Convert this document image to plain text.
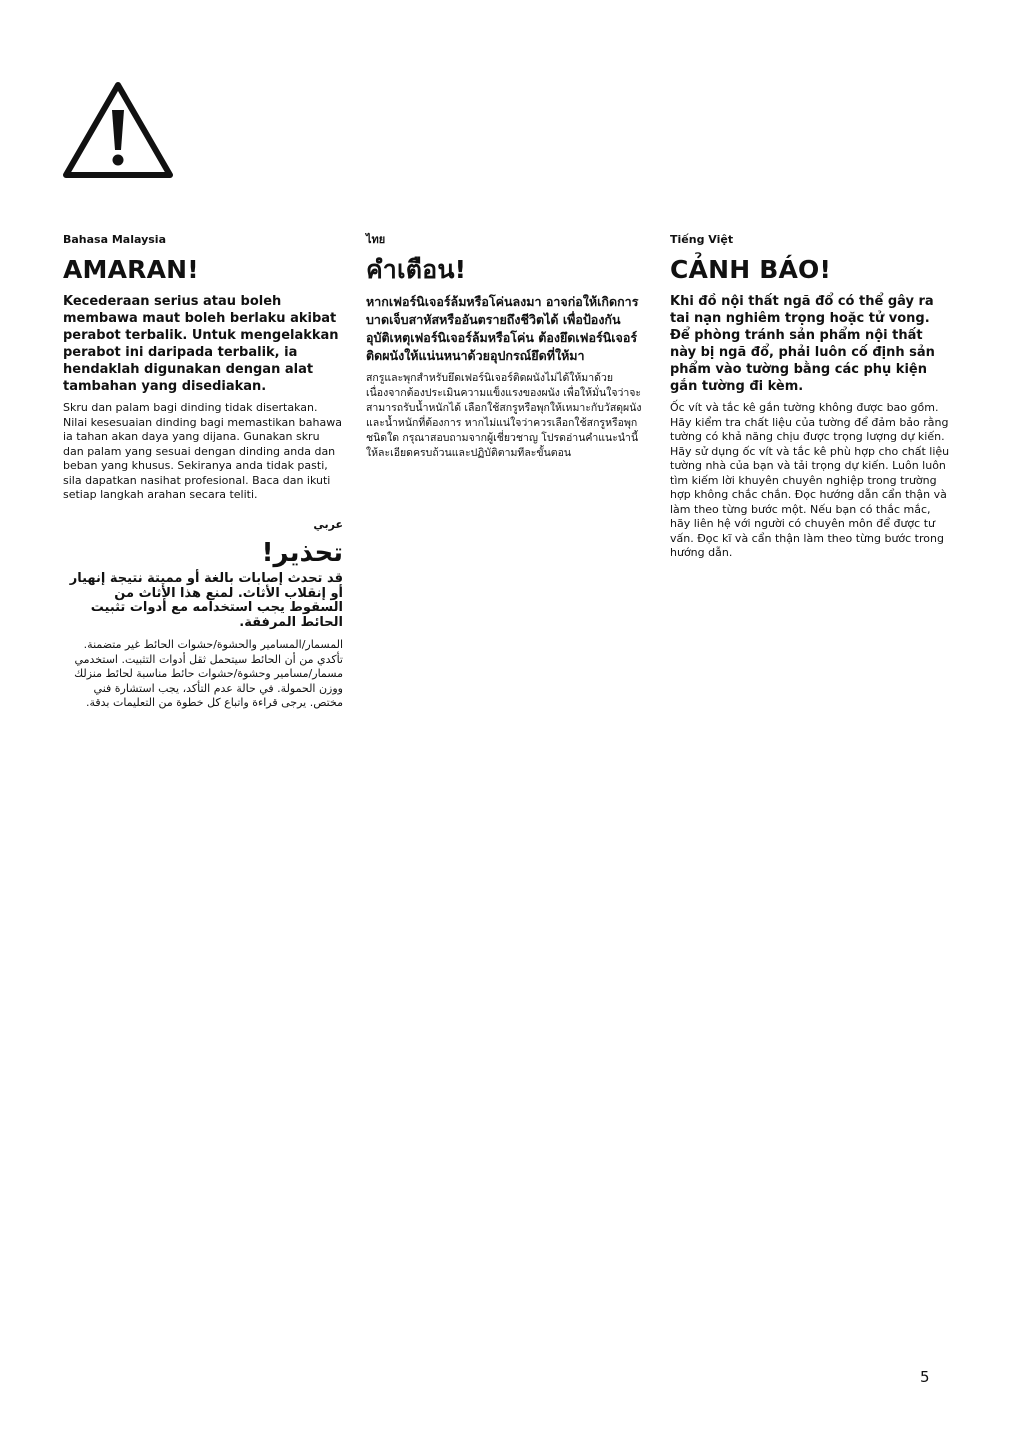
Bahasa Malaysia
AMARAN!

Kecederaan serius atau boleh membawa maut boleh berlaku akibat perabot terbalik. Untuk mengelakkan perabot ini daripada terbalik, ia hendaklah digunakan dengan alat tambahan yang disediakan.

Skru dan palam bagi dinding tidak disertakan. Nilai kesesuaian dinding bagi memastikan bahawa ia tahan akan daya yang dijana. Gunakan skru dan palam yang sesuai dengan dinding anda dan beban yang khusus. Sekiranya anda tidak pasti, sila dapatkan nasihat profesional. Baca dan ikuti setiap langkah arahan secara teliti.

ไทย
คำเตือน!

หากเฟอร์นิเจอร์ล้มหรือโค่นลงมา อาจก่อให้เกิดการบาดเจ็บสาหัสหรืออันตรายถึงชีวิตได้ เพื่อป้องกันอุบัติเหตุเฟอร์นิเจอร์ล้มหรือโค่น ต้องยึดเฟอร์นิเจอร์ติดผนังให้แน่นหนาด้วยอุปกรณ์ยึดที่ให้มา

สกรูและพุกสำหรับยึดเฟอร์นิเจอร์ติดผนังไม่ได้ให้มาด้วย เนื่องจากต้องประเมินความแข็งแรงของผนัง เพื่อให้มั่นใจว่าจะสามารถรับน้ำหนักได้ เลือกใช้สกรูหรือพุกให้เหมาะกับวัสดุผนังและน้ำหนักที่ต้องการ หากไม่แน่ใจว่าควรเลือกใช้สกรูหรือพุกชนิดใด กรุณาสอบถามจากผู้เชี่ยวชาญ โปรดอ่านคำแนะนำนี้ให้ละเอียดครบถ้วนและปฏิบัติตามทีละขั้นตอน

Tiếng Việt
CẢNH BÁO!

Khi đồ nội thất ngã đổ có thể gây ra tai nạn nghiêm trọng hoặc tử vong. Để phòng tránh sản phẩm nội thất này bị ngã đổ, phải luôn cố định sản phẩm vào tường bằng các phụ kiện gắn tường đi kèm.

Ốc vít và tắc kê gắn tường không được bao gồm. Hãy kiểm tra chất liệu của tường để đảm bảo rằng tường có khả năng chịu được trọng lượng dự kiến. Hãy sử dụng ốc vít và tắc kê phù hợp cho chất liệu tường nhà của bạn và tải trọng dự kiến. Luôn luôn tìm kiếm lời khuyên chuyên nghiệp trong trường hợp không chắc chắn. Đọc hướng dẫn cẩn thận và làm theo từng bước một. Nếu bạn có thắc mắc, hãy liên hệ với người có chuyên môn để được tư vấn. Đọc kĩ và cẩn thận làm theo từng bước trong hướng dẫn.

عربي
تحذير!

قد تحدث إصابات بالغة أو مميتة نتيجة إنهيار أو إنقلاب الأثاث. لمنع هذا الأثاث من السقوط يجب استخدامه مع أدوات تثبيت الحائط المرفقة.

المسمار/المسامير والحشوة/حشوات الحائط غير متضمنة. تأكدي من أن الحائط سيتحمل ثقل أدوات التثبيت. استخدمي مسمار/مسامير وحشوة/حشوات حائط مناسبة لحائط منزلك ووزن الحمولة. في حالة عدم التأكد، يجب استشارة فني مختص. يرجى قراءة واتباع كل خطوة من التعليمات بدقة.

5
